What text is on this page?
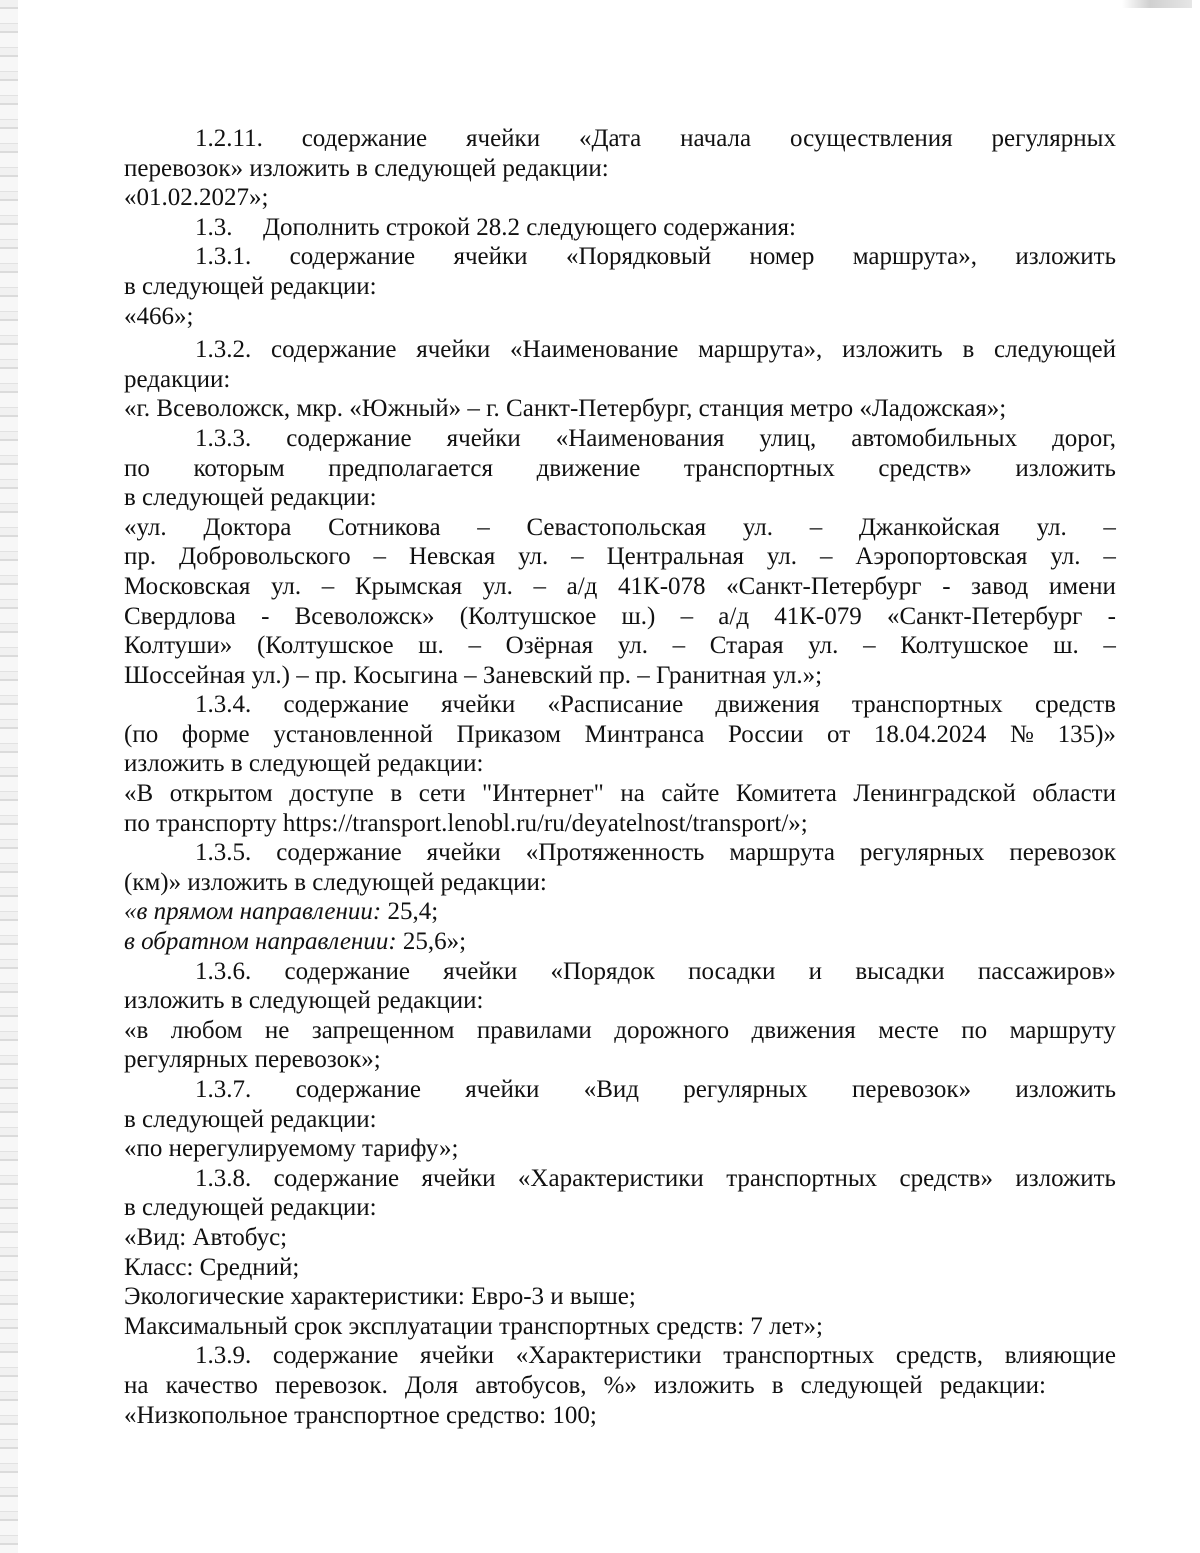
1.2.11. содержание ячейки «Дата начала осуществления регулярных
перевозок» изложить в следующей редакции:
«01.02.2027»;
1.3. Дополнить строкой 28.2 следующего содержания:
1.3.1. содержание ячейки «Порядковый номер маршрута», изложить
в следующей редакции:
«466»;
1.3.2. содержание ячейки «Наименование маршрута», изложить в следующей
редакции:
«г. Всеволожск, мкр. «Южный» – г. Санкт-Петербург, станция метро «Ладожская»;
1.3.3. содержание ячейки «Наименования улиц, автомобильных дорог,
по которым предполагается движение транспортных средств» изложить
в следующей редакции:
«ул. Доктора Сотникова – Севастопольская ул. – Джанкойская ул. –
пр. Добровольского – Невская ул. – Центральная ул. – Аэропортовская ул. –
Московская ул. – Крымская ул. – а/д 41К-078 «Санкт-Петербург - завод имени
Свердлова - Всеволожск» (Колтушское ш.) – а/д 41К-079 «Санкт-Петербург -
Колтуши» (Колтушское ш. – Озёрная ул. – Старая ул. – Колтушское ш. –
Шоссейная ул.) – пр. Косыгина – Заневский пр. – Гранитная ул.»;
1.3.4. содержание ячейки «Расписание движения транспортных средств
(по форме установленной Приказом Минтранса России от 18.04.2024 № 135)»
изложить в следующей редакции:
«В открытом доступе в сети "Интернет" на сайте Комитета Ленинградской области
по транспорту https://transport.lenobl.ru/ru/deyatelnost/transport/»;
1.3.5. содержание ячейки «Протяженность маршрута регулярных перевозок
(км)» изложить в следующей редакции:
«в прямом направлении: 25,4;
в обратном направлении: 25,6»;
1.3.6. содержание ячейки «Порядок посадки и высадки пассажиров»
изложить в следующей редакции:
«в любом не запрещенном правилами дорожного движения месте по маршруту
регулярных перевозок»;
1.3.7. содержание ячейки «Вид регулярных перевозок» изложить
в следующей редакции:
«по нерегулируемому тарифу»;
1.3.8. содержание ячейки «Характеристики транспортных средств» изложить
в следующей редакции:
«Вид: Автобус;
Класс: Средний;
Экологические характеристики: Евро-3 и выше;
Максимальный срок эксплуатации транспортных средств: 7 лет»;
1.3.9. содержание ячейки «Характеристики транспортных средств, влияющие
на качество перевозок. Доля автобусов, %» изложить в следующей редакции:
«Низкопольное транспортное средство: 100;
